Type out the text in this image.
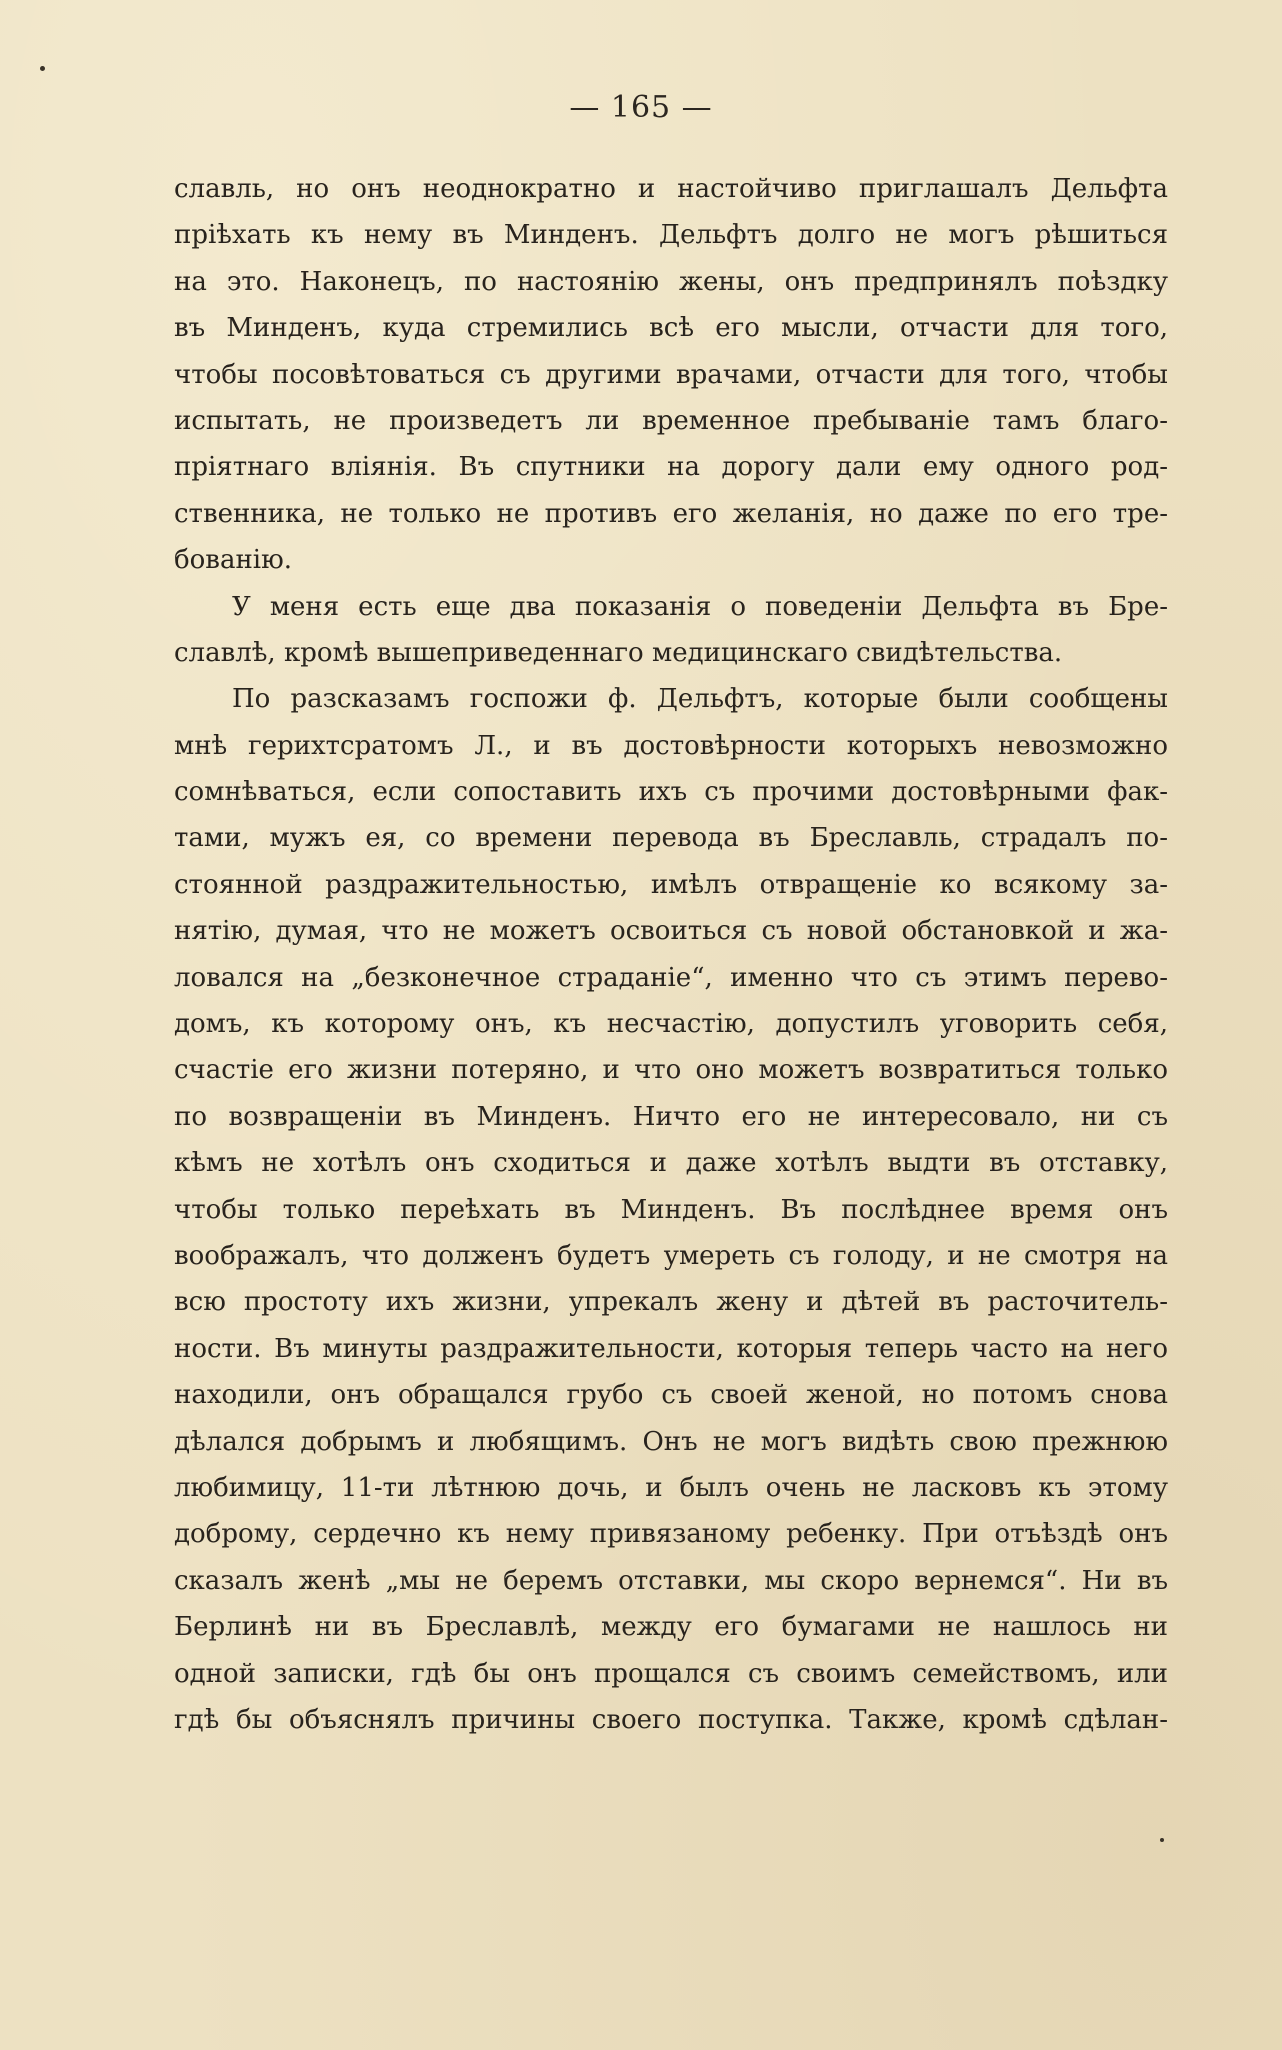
— 165 —
славль, но онъ неоднократно и настойчиво приглашалъ Дельфта
пріѣхать къ нему въ Минденъ. Дельфтъ долго не могъ рѣшиться
на это. Наконецъ, по настоянію жены, онъ предпринялъ поѣздку
въ Минденъ, куда стремились всѣ его мысли, отчасти для того,
чтобы посовѣтоваться съ другими врачами, отчасти для того, чтобы
испытать, не произведетъ ли временное пребываніе тамъ благо-
пріятнаго вліянія. Въ спутники на дорогу дали ему одного род-
ственника, не только не противъ его желанія, но даже по его тре-
бованію.
У меня есть еще два показанія о поведеніи Дельфта въ Бре-
славлѣ, кромѣ вышеприведеннаго медицинскаго свидѣтельства.
По разсказамъ госпожи ф. Дельфтъ, которые были сообщены
мнѣ герихтсратомъ Л., и въ достовѣрности которыхъ невозможно
сомнѣваться, если сопоставить ихъ съ прочими достовѣрными фак-
тами, мужъ ея, со времени перевода въ Бреславль, страдалъ по-
стоянной раздражительностью, имѣлъ отвращеніе ко всякому за-
нятію, думая, что не можетъ освоиться съ новой обстановкой и жа-
ловался на „безконечное страданіе“, именно что съ этимъ перево-
домъ, къ которому онъ, къ несчастію, допустилъ уговорить себя,
счастіе его жизни потеряно, и что оно можетъ возвратиться только
по возвращеніи въ Минденъ. Ничто его не интересовало, ни съ
кѣмъ не хотѣлъ онъ сходиться и даже хотѣлъ выдти въ отставку,
чтобы только переѣхать въ Минденъ. Въ послѣднее время онъ
воображалъ, что долженъ будетъ умереть съ голоду, и не смотря на
всю простоту ихъ жизни, упрекалъ жену и дѣтей въ расточитель-
ности. Въ минуты раздражительности, которыя теперь часто на него
находили, онъ обращался грубо съ своей женой, но потомъ снова
дѣлался добрымъ и любящимъ. Онъ не могъ видѣть свою прежнюю
любимицу, 11-ти лѣтнюю дочь, и былъ очень не ласковъ къ этому
доброму, сердечно къ нему привязаному ребенку. При отъѣздѣ онъ
сказалъ женѣ „мы не беремъ отставки, мы скоро вернемся“. Ни въ
Берлинѣ ни въ Бреславлѣ, между его бумагами не нашлось ни
одной записки, гдѣ бы онъ прощался съ своимъ семействомъ, или
гдѣ бы объяснялъ причины своего поступка. Также, кромѣ сдѣлан-
